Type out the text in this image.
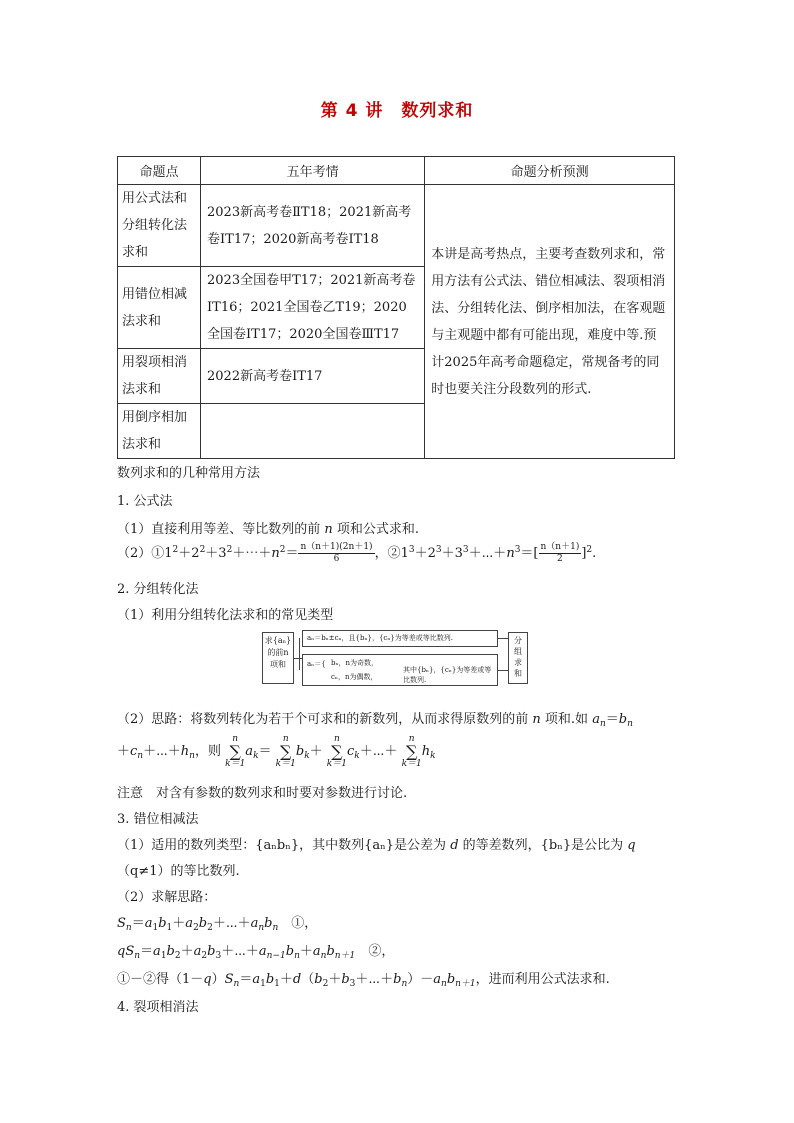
第 4 讲　数列求和
命题点	五年考情	命题分析预测
用公式法和分组转化法求和	2023新高考卷ⅡT18；2021新高考卷ⅠT17；2020新高考卷ⅠT18	本讲是高考热点，主要考查数列求和，常用方法有公式法、错位相减法、裂项相消法、分组转化法、倒序相加法，在客观题与主观题中都有可能出现，难度中等.预计2025年高考命题稳定，常规备考的同时也要关注分段数列的形式.
用错位相减法求和	2023全国卷甲T17；2021新高考卷ⅠT16；2021全国卷乙T19；2020全国卷ⅠT17；2020全国卷ⅢT17	
用裂项相消法求和	2022新高考卷ⅠT17	
用倒序相加法求和		
数列求和的几种常用方法
1. 公式法
（1）直接利用等差、等比数列的前 n 项和公式求和.
$(2)①1^2+2^2+3^2+\cdots+n^2= \frac{n(n+1)(2n+1)}{6}$ ，$②1^3+2^3+3^3+\cdots+n^3=[ \frac{n(n+1)}{2} ]^2$.
2. 分组转化法
（1）利用分组转化法求和的常见类型
求{aₙ}
的前n
项和
aₙ＝bₙ±cₙ，且{bₙ}，{cₙ}为等差或等比数列.
aₙ＝{ bₙ，n为奇数，
cₙ，n为偶数，
其中{bₙ}，{cₙ}为等差或等比数列.
分
组
求
和
（2）思路：将数列转化为若干个可求和的新数列，从而求得原数列的前 n 项和.如 $a_n=b_n$
$+c_n+\cdots+h_n$，则
n
∑
k＝1
$a_k=$
n
∑
k＝1
$b_k+$
n
∑
k＝1
$c_k+\cdots+$
n
∑
k＝1
$h_k$
注意　 对含有参数的数列求和时要对参数进行讨论.
3. 错位相减法
（1）适用的数列类型：{aₙbₙ}，其中数列{aₙ}是公差为 d 的等差数列，{bₙ}是公比为 q
（q≠1）的等比数列.
（2）求解思路：
$S_n=a_1b_1+a_2b_2+\cdots+a_nb_n$　 ①，
$qS_n=a_1b_2+a_2b_3+\cdots+a_{n-1}b_n+a_nb_{n+1}$　 ②，
①－②得$(1-q)S_n=a_1b_1+d(b_2+b_3+\cdots+b_n)-a_nb_{n+1}$，进而利用公式法求和.
4. 裂项相消法
